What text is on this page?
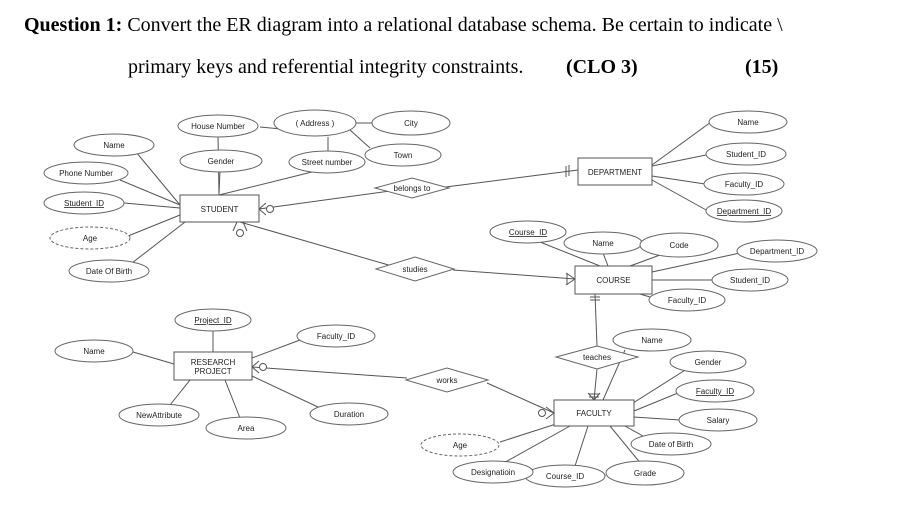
Question 1: Convert the ER diagram into a relational database schema. Be certain to indicate \
primary keys and referential integrity constraints. (CLO 3)	(15)
STUDENT
DEPARTMENT
COURSE
RESEARCH
PROJECT
FACULTY
belongs to
studies
works
teaches
House Number	( Address )	City
Name
Gender	Street number
Town
Phone Number
Student_ID
Age
Date Of Birth
Name
Student_ID
Faculty_ID
Department_ID
Course_ID
Name	Code
Department_ID
Student_ID
Faculty_ID
Project_ID
Faculty_ID
Name
NewAttribute
Area
Duration
Name
Gender
Faculty_ID
Salary
Date of Birth
Grade
Course_ID
Designatioin
Age
